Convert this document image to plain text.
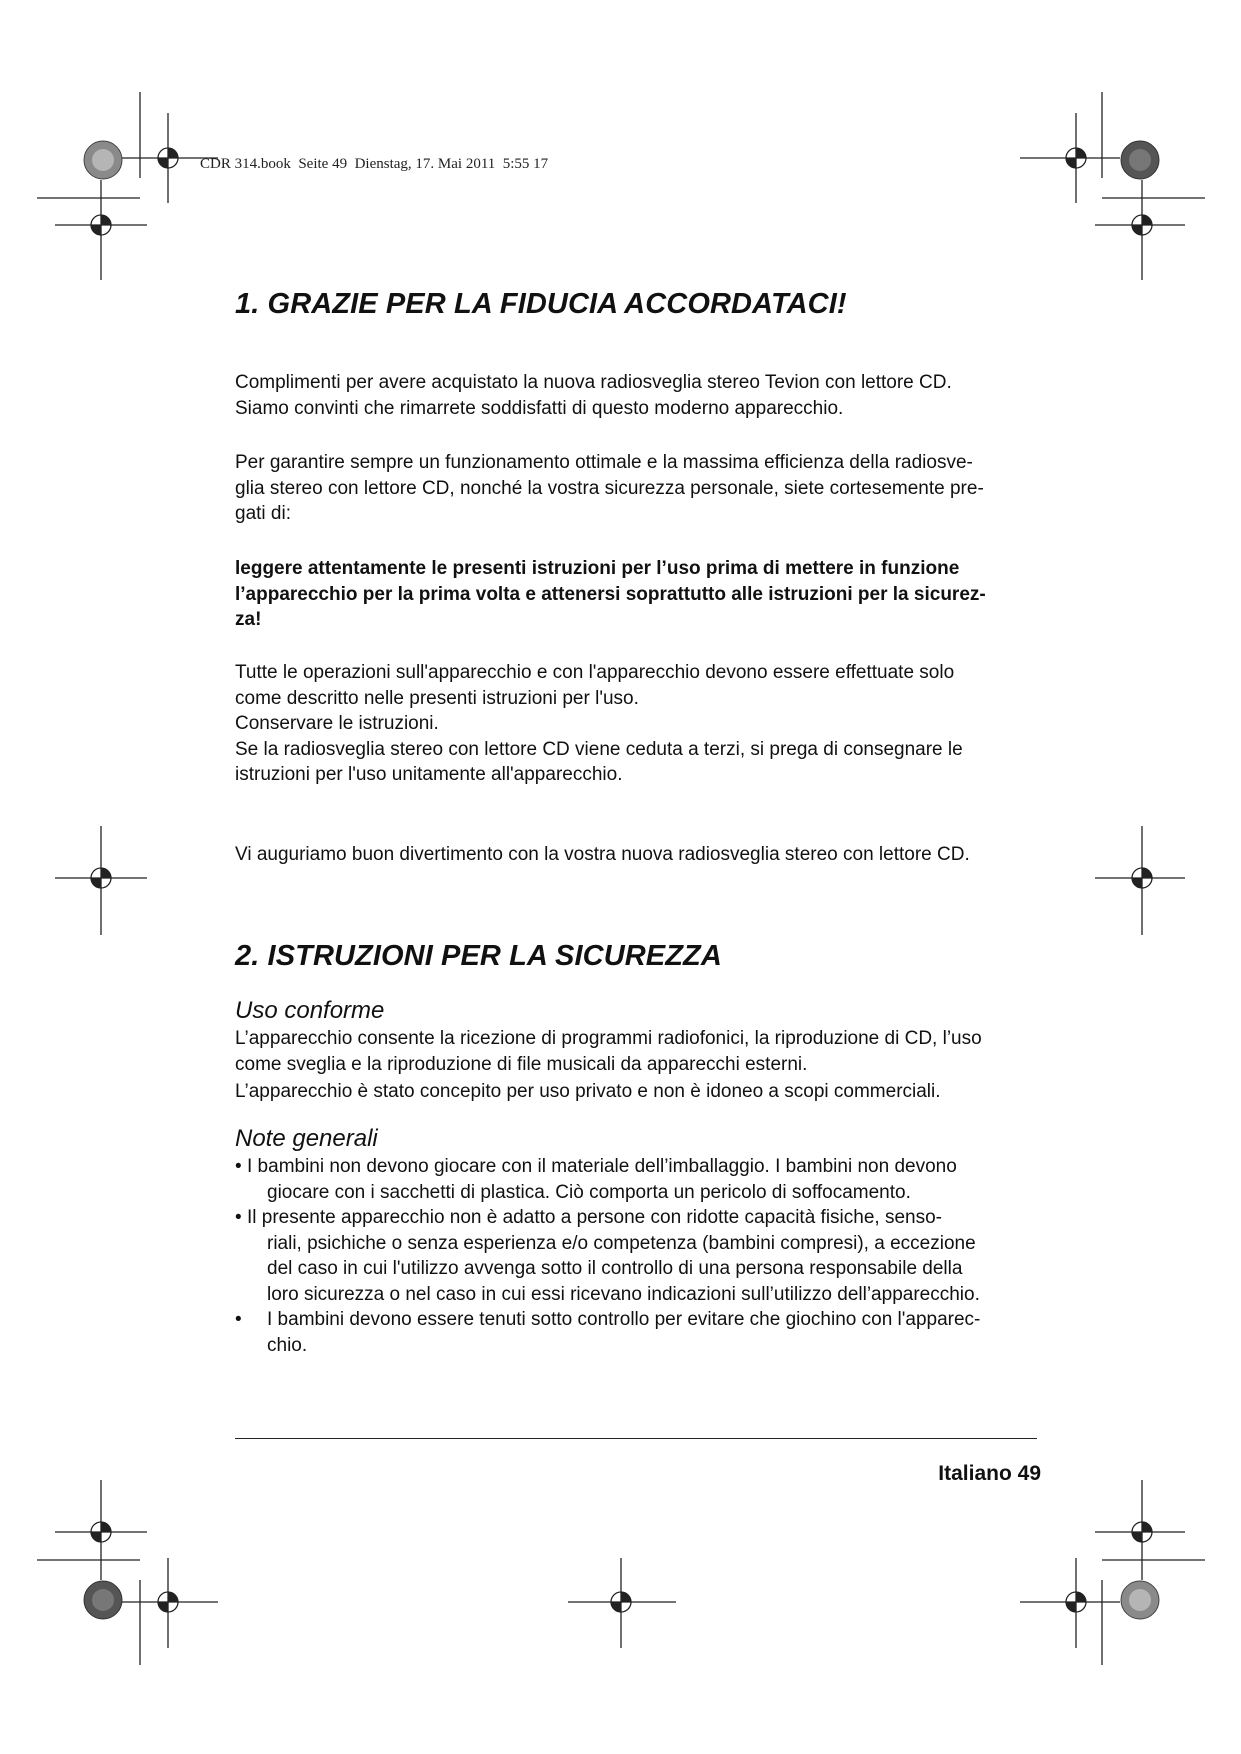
CDR 314.book  Seite 49  Dienstag, 17. Mai 2011  5:55 17
1. GRAZIE PER LA FIDUCIA ACCORDATACI!

Complimenti per avere acquistato la nuova radiosveglia stereo Tevion con lettore CD.

Siamo convinti che rimarrete soddisfatti di questo moderno apparecchio.

Per garantire sempre un funzionamento ottimale e la massima efficienza della radiosve-

glia stereo con lettore CD, nonché la vostra sicurezza personale, siete cortesemente pre-

gati di:

leggere attentamente le presenti istruzioni per l’uso prima di mettere in funzione

l’apparecchio per la prima volta e attenersi soprattutto alle istruzioni per la sicurez-

za!

Tutte le operazioni sull'apparecchio e con l'apparecchio devono essere effettuate solo

come descritto nelle presenti istruzioni per l'uso.

Conservare le istruzioni.

Se la radiosveglia stereo con lettore CD viene ceduta a terzi, si prega di consegnare le

istruzioni per l'uso unitamente all'apparecchio.

Vi auguriamo buon divertimento con la vostra nuova radiosveglia stereo con lettore CD.

2. ISTRUZIONI PER LA SICUREZZA
Uso conforme

L’apparecchio consente la ricezione di programmi radiofonici, la riproduzione di CD, l’uso

come sveglia e la riproduzione di file musicali da apparecchi esterni.

L’apparecchio è stato concepito per uso privato e non è idoneo a scopi commerciali.

Note generali
• I bambini non devono giocare con il materiale dell’imballaggio. I bambini non devono
giocare con i sacchetti di plastica. Ciò comporta un pericolo di soffocamento.
• Il presente apparecchio non è adatto a persone con ridotte capacità fisiche, senso-
riali, psichiche o senza esperienza e/o competenza (bambini compresi), a eccezione
del caso in cui l'utilizzo avvenga sotto il controllo di una persona responsabile della
loro sicurezza o nel caso in cui essi ricevano indicazioni sull’utilizzo dell’apparecchio.
• I bambini devono essere tenuti sotto controllo per evitare che giochino con l'apparec-
chio.
Italiano 49
